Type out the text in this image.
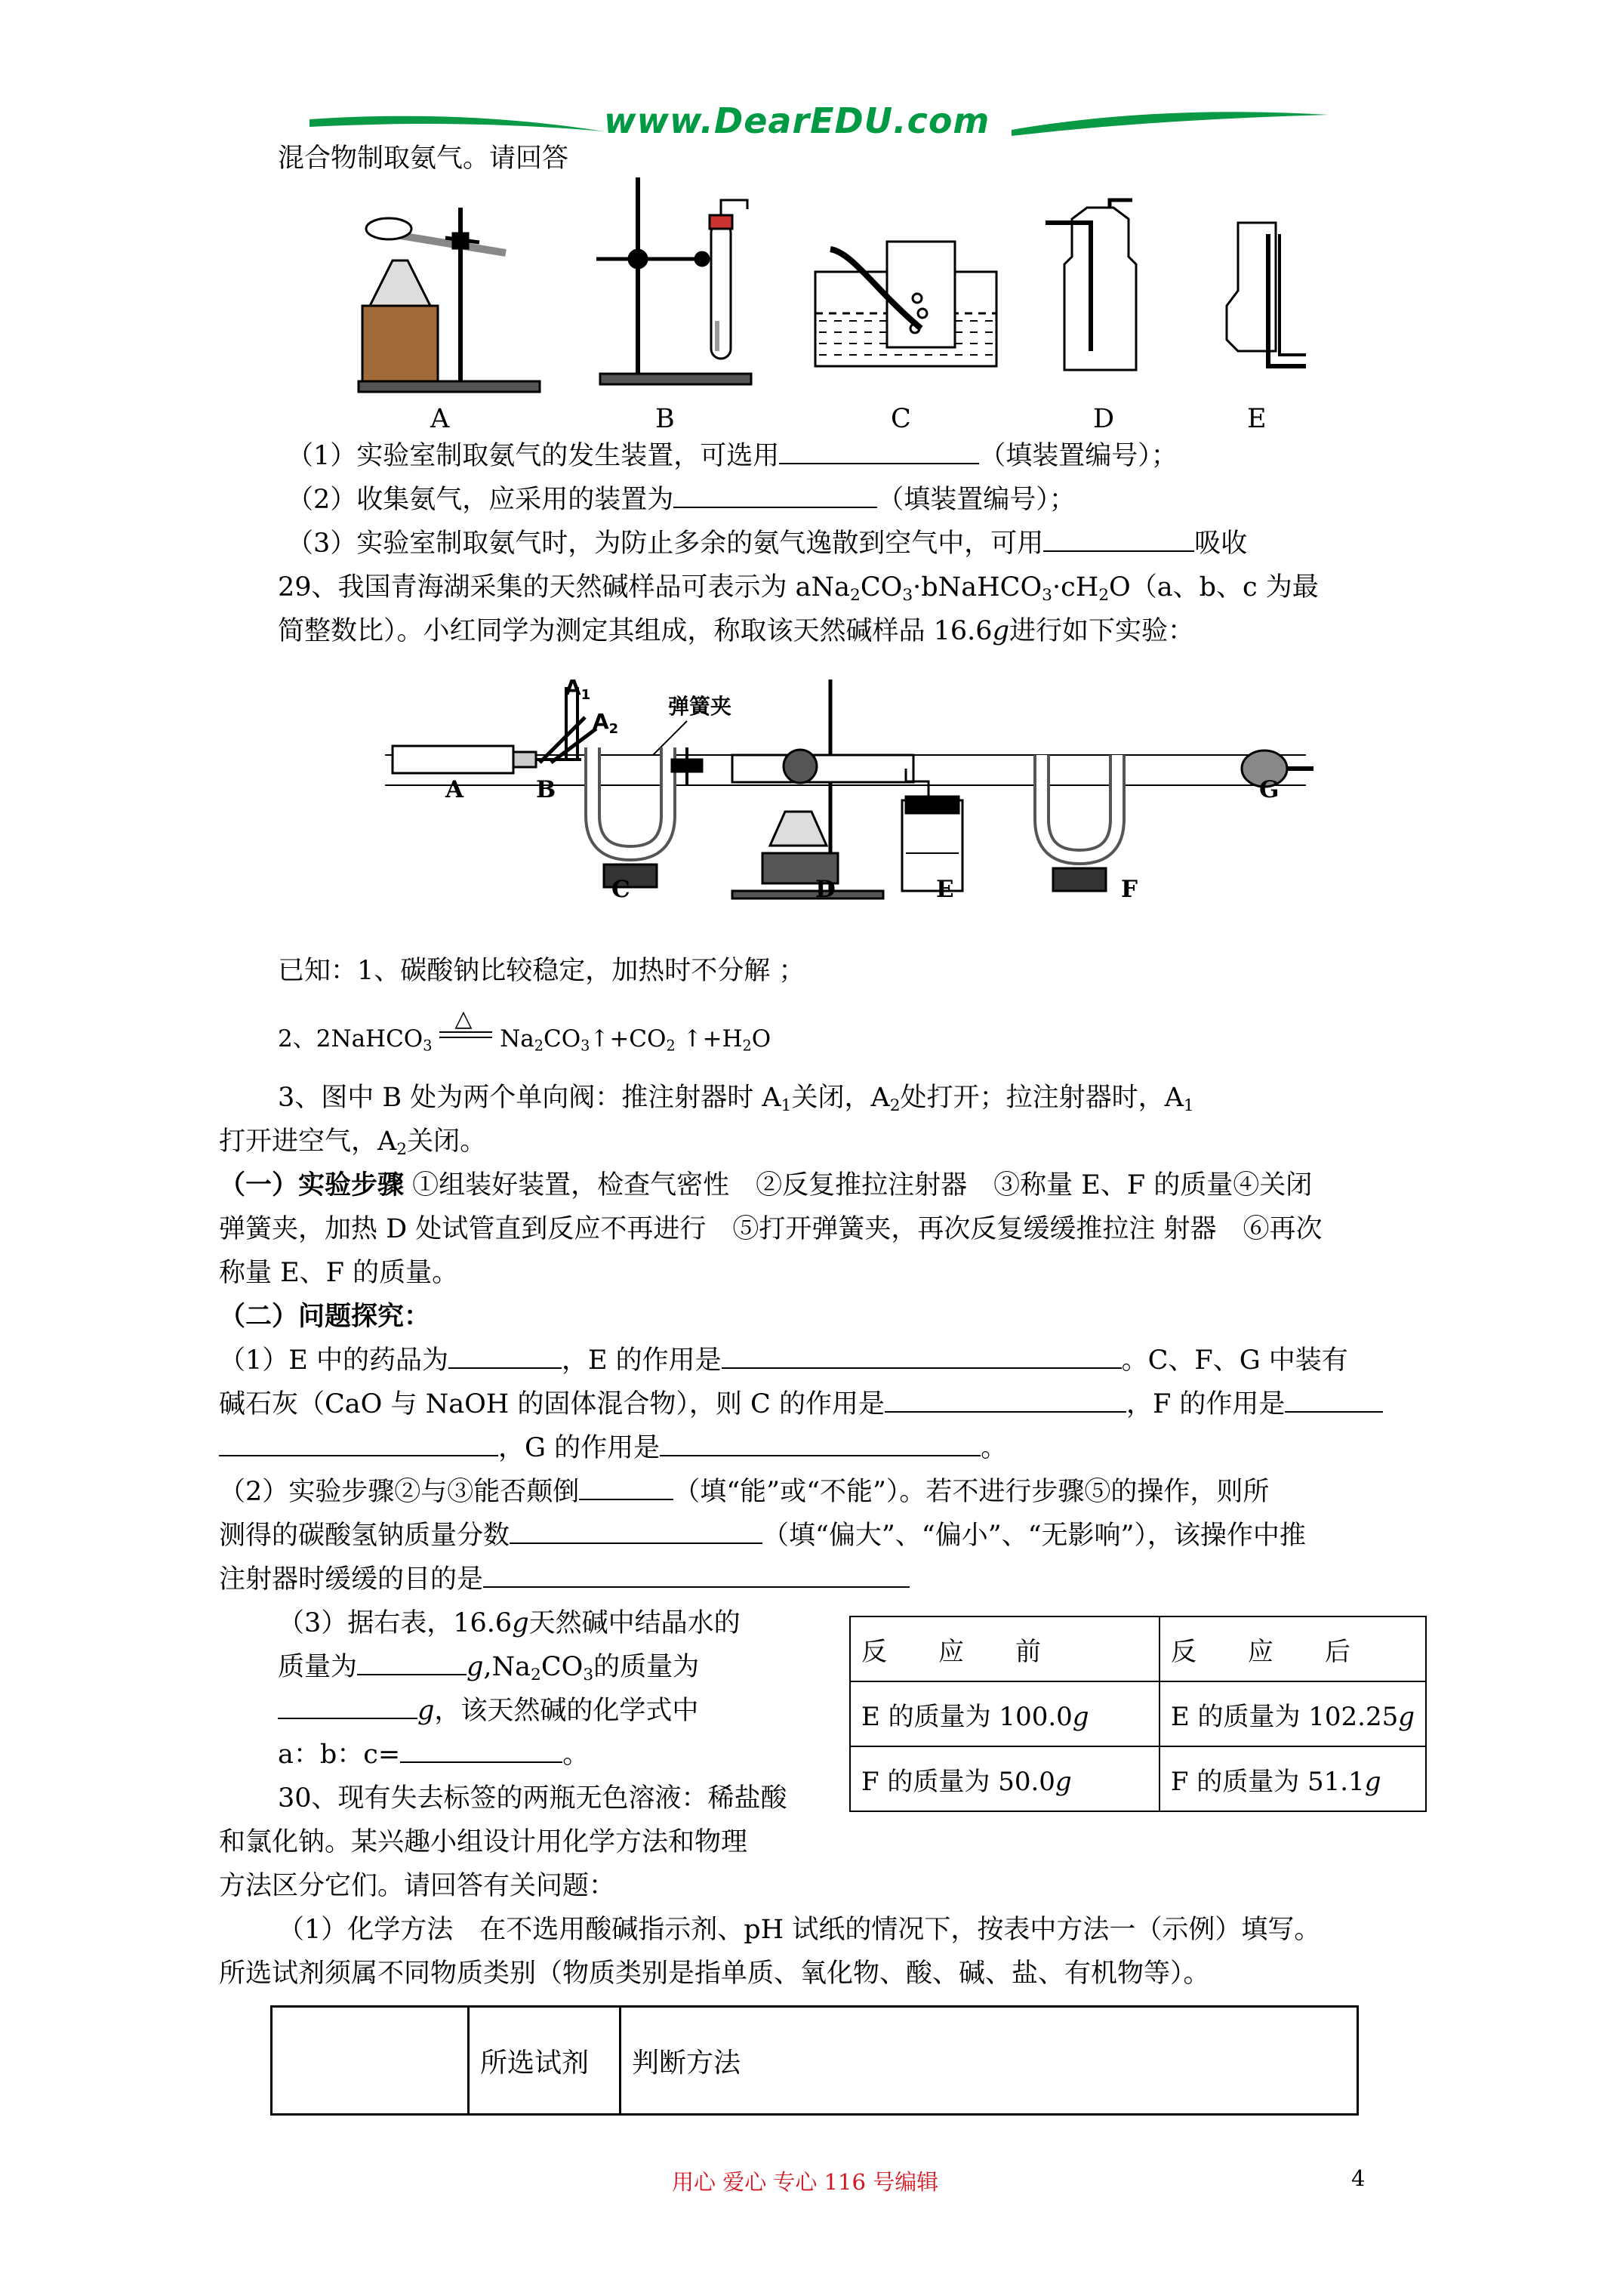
www.DearEDU.com
混合物制取氨气。请回答
A	B	C	D	E
（1）实验室制取氨气的发生装置，可选用	（填装置编号）；
（2）收集氨气，应采用的装置为	（填装置编号）；
（3）实验室制取氨气时，为防止多余的氨气逸散到空气中，可用	吸收
29、我国青海湖采集的天然碱样品可表示为 $aNa_2CO_3\cdot bNaHCO_3\cdot cH_2O(a$、b、c 为最
简整数比）。小红同学为测定其组成，称取该天然碱样品 16.6g进行如下实验：
$A_1$
$A_2$
弹簧夹
A	B
C	D	E	F
G
已知：1、碳酸钠比较稳定，加热时不分解 ；
2、2NaHCO$_3$
△
$Na_2CO_3↑+CO_2$ $↑+H_2O$
3、图中 B 处为两个单向阀：推注射器时 $A_1$关闭，$A_2$处打开；拉注射器时，$A_1$
打开进空气，$A_2$关闭。
（一）实验步骤 ①组装好装置，检查气密性　②反复推拉注射器　③称量 E、F 的质量④关闭
弹簧夹，加热 D 处试管直到反应不再进行　⑤打开弹簧夹，再次反复缓缓推拉注 射器　⑥再次
称量 E、F 的质量。
（二）问题探究：
（1）E 中的药品为	，E 的作用是	。C、F、G 中装有
碱石灰（CaO 与 NaOH 的固体混合物），则 C 的作用是	，F 的作用是
，G 的作用是	。
（2）实验步骤②与③能否颠倒	（填“能”或“不能”）。若不进行步骤⑤的操作，则所
测得的碳酸氢钠质量分数	（填“偏大”、“偏小”、“无影响”），该操作中推
注射器时缓缓的目的是
（3）据右表，16.6g天然碱中结晶水的
质量为	$g,Na_2CO_3$的质量为
g，该天然碱的化学式中
a：b：c=	。
反　　应　　前	反　　应　　后
E 的质量为 100.0g	E 的质量为 102.25g
F 的质量为 50.0g	F 的质量为 51.1g
30、现有失去标签的两瓶无色溶液：稀盐酸
和氯化钠。某兴趣小组设计用化学方法和物理
方法区分它们。请回答有关问题：
（1）化学方法　在不选用酸碱指示剂、pH 试纸的情况下，按表中方法一（示例）填写。
所选试剂须属不同物质类别（物质类别是指单质、氧化物、酸、碱、盐、有机物等）。
	所选试剂	判断方法
用心 爱心 专心 116 号编辑	4
